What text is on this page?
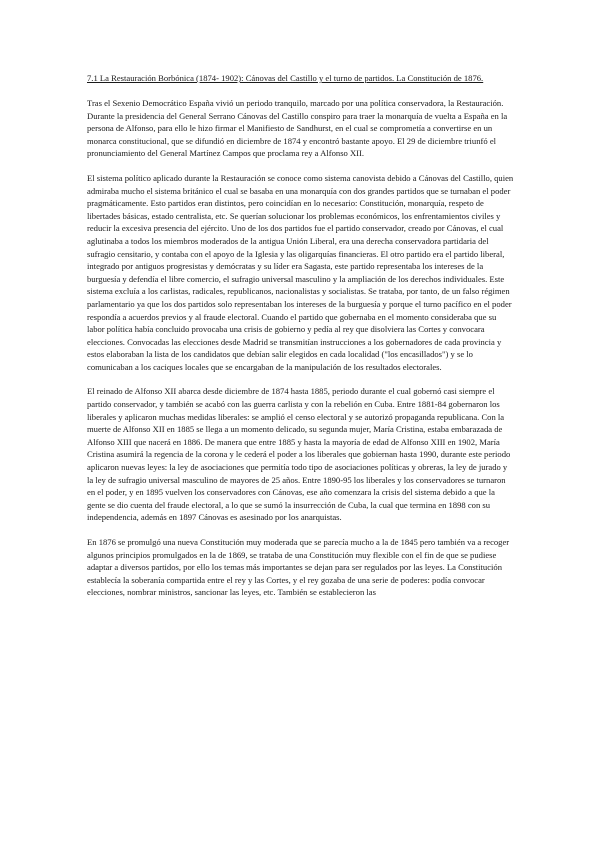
7.1 La Restauración Borbónica (1874- 1902): Cánovas del Castillo y el turno de partidos. La Constitución de 1876.

Tras el Sexenio Democrático España vivió un periodo tranquilo, marcado por una política conservadora, la Restauración. Durante la presidencia del General Serrano Cánovas del Castillo conspiro para traer la monarquía de vuelta a España en la persona de Alfonso, para ello le hizo firmar el Manifiesto de Sandhurst, en el cual se comprometía a convertirse en un monarca constitucional, que se difundió en diciembre de 1874 y encontró bastante apoyo. El 29 de diciembre triunfó el pronunciamiento del General Martínez Campos que proclama rey a Alfonso XII.

El sistema político aplicado durante la Restauración se conoce como sistema canovista debido a Cánovas del Castillo, quien admiraba mucho el sistema británico el cual se basaba en una monarquía con dos grandes partidos que se turnaban el poder pragmáticamente. Esto partidos eran distintos, pero coincidían en lo necesario: Constitución, monarquía, respeto de libertades básicas, estado centralista, etc. Se querían solucionar los problemas económicos, los enfrentamientos civiles y reducir la excesiva presencia del ejército. Uno de los dos partidos fue el partido conservador, creado por Cánovas, el cual aglutinaba a todos los miembros moderados de la antigua Unión Liberal, era una derecha conservadora partidaria del sufragio censitario, y contaba con el apoyo de la Iglesia y las oligarquías financieras. El otro partido era el partido liberal, integrado por antiguos progresistas y demócratas y su líder era Sagasta, este partido representaba los intereses de la burguesía y defendía el libre comercio, el sufragio universal masculino y la ampliación de los derechos individuales. Este sistema excluía a los carlistas, radicales, republicanos, nacionalistas y socialistas. Se trataba, por tanto, de un falso régimen parlamentario ya que los dos partidos solo representaban los intereses de la burguesía y porque el turno pacífico en el poder respondía a acuerdos previos y al fraude electoral. Cuando el partido que gobernaba en el momento consideraba que su labor política había concluido provocaba una crisis de gobierno y pedía al rey que disolviera las Cortes y convocara elecciones. Convocadas las elecciones desde Madrid se transmitían instrucciones a los gobernadores de cada provincia y estos elaboraban la lista de los candidatos que debían salir elegidos en cada localidad ("los encasillados") y se lo comunicaban a los caciques locales que se encargaban de la manipulación de los resultados electorales.

El reinado de Alfonso XII abarca desde diciembre de 1874 hasta 1885, periodo durante el cual gobernó casi siempre el partido conservador, y también se acabó con las guerra carlista y con la rebelión en Cuba. Entre 1881-84 gobernaron los liberales y aplicaron muchas medidas liberales: se amplió el censo electoral y se autorizó propaganda republicana. Con la muerte de Alfonso XII en 1885 se llega a un momento delicado, su segunda mujer, María Cristina, estaba embarazada de Alfonso XIII que nacerá en 1886. De manera que entre 1885 y hasta la mayoría de edad de Alfonso XIII en 1902, María Cristina asumirá la regencia de la corona y le cederá el poder a los liberales que gobiernan hasta 1990, durante este periodo aplicaron nuevas leyes: la ley de asociaciones que permitía todo tipo de asociaciones políticas y obreras, la ley de jurado y la ley de sufragio universal masculino de mayores de 25 años. Entre 1890-95 los liberales y los conservadores se turnaron en el poder, y en 1895 vuelven los conservadores con Cánovas, ese año comenzara la crisis del sistema debido a que la gente se dio cuenta del fraude electoral, a lo que se sumó la insurrección de Cuba, la cual que termina en 1898 con su independencia, además en 1897 Cánovas es asesinado por los anarquistas.

En 1876 se promulgó una nueva Constitución muy moderada que se parecía mucho a la de 1845 pero también va a recoger algunos principios promulgados en la de 1869, se trataba de una Constitución muy flexible con el fin de que se pudiese adaptar a diversos partidos, por ello los temas más importantes se dejan para ser regulados por las leyes. La Constitución establecía la soberanía compartida entre el rey y las Cortes, y el rey gozaba de una serie de poderes: podía convocar elecciones, nombrar ministros, sancionar las leyes, etc. También se establecieron las
